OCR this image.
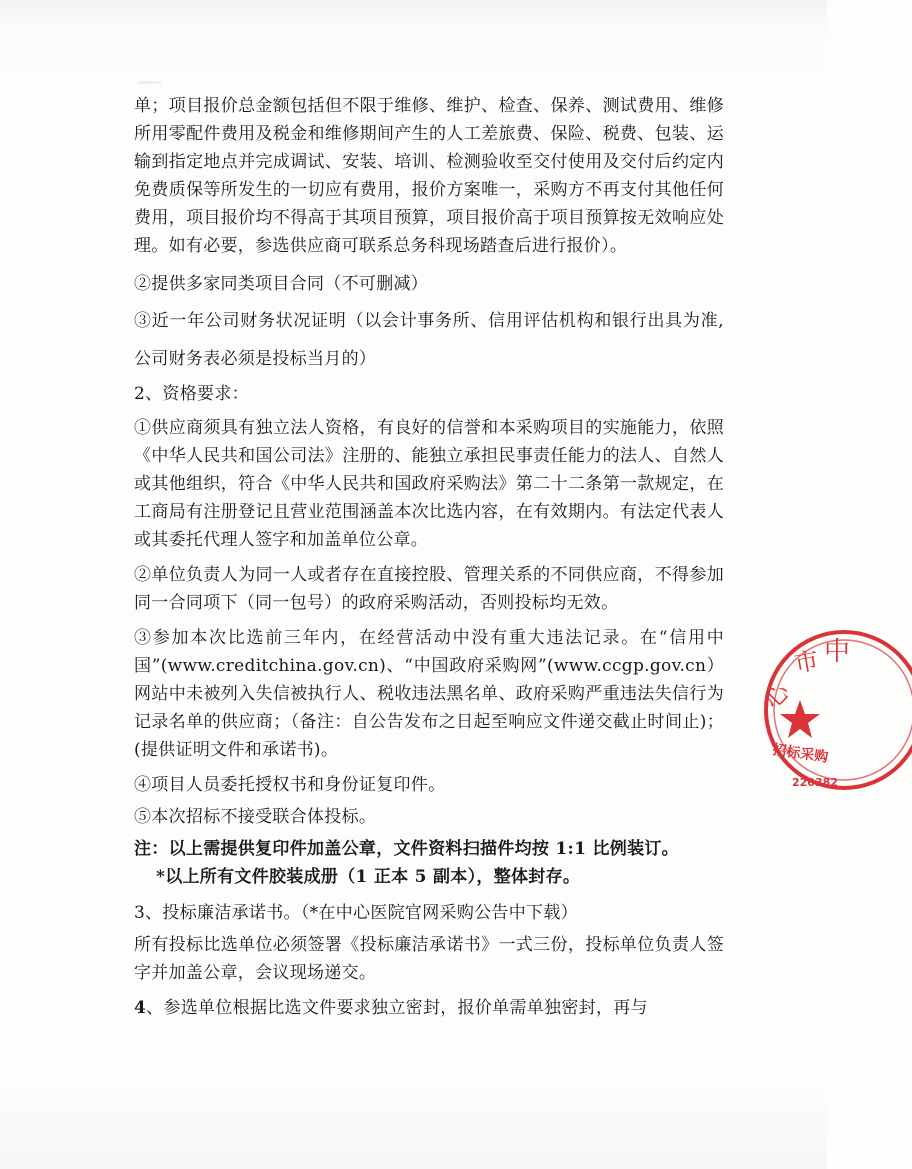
▁▁

单；项目报价总金额包括但不限于维修、维护、检查、保养、测试费用、维修所用零配件费用及税金和维修期间产生的人工差旅费、保险、税费、包装、运输到指定地点并完成调试、安装、培训、检测验收至交付使用及交付后约定内免费质保等所发生的一切应有费用，报价方案唯一，采购方不再支付其他任何费用，项目报价均不得高于其项目预算，项目报价高于项目预算按无效响应处理。如有必要，参选供应商可联系总务科现场踏查后进行报价）。

②提供多家同类项目合同（不可删减）

③近一年公司财务状况证明（以会计事务所、信用评估机构和银行出具为准,公司财务表必须是投标当月的）

2、资格要求：

①供应商须具有独立法人资格，有良好的信誉和本采购项目的实施能力，依照《中华人民共和国公司法》注册的、能独立承担民事责任能力的法人、自然人或其他组织，符合《中华人民共和国政府采购法》第二十二条第一款规定，在工商局有注册登记且营业范围涵盖本次比选内容，在有效期内。有法定代表人或其委托代理人签字和加盖单位公章。

②单位负责人为同一人或者存在直接控股、管理关系的不同供应商，不得参加同一合同项下（同一包号）的政府采购活动，否则投标均无效。

③参加本次比选前三年内，在经营活动中没有重大违法记录。在“信用中国”(www.creditchina.gov.cn)、“中国政府采购网”(www.ccgp.gov.cn）网站中未被列入失信被执行人、税收违法黑名单、政府采购严重违法失信行为记录名单的供应商；（备注：自公告发布之日起至响应文件递交截止时间止)；(提供证明文件和承诺书)。

④项目人员委托授权书和身份证复印件。

⑤本次招标不接受联合体投标。

注：以上需提供复印件加盖公章，文件资料扫描件均按 1:1 比例装订。

*以上所有文件胶装成册（1 正本 5 副本），整体封存。

3、投标廉洁承诺书。（*在中心医院官网采购公告中下载）

所有投标比选单位必须签署《投标廉洁承诺书》一式三份，投标单位负责人签字并加盖公章，会议现场递交。

4、参选单位根据比选文件要求独立密封，报价单需单独密封，再与

市 中
心
招标采购
220382
